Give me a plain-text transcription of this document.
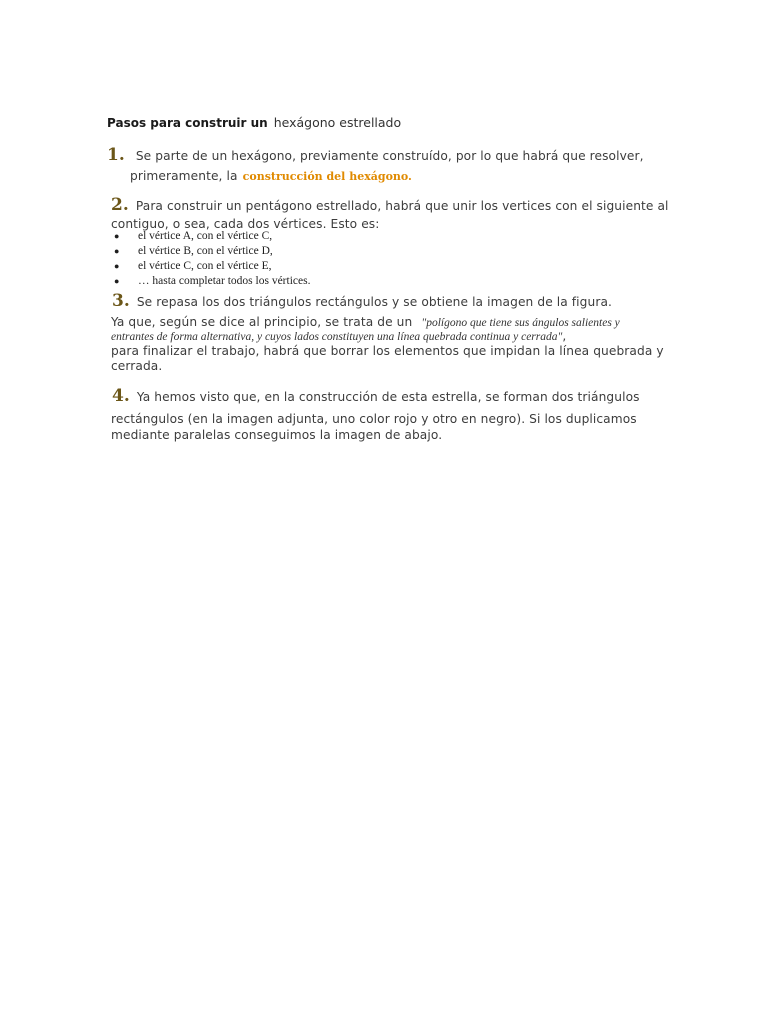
Pasos para construir un hexágono estrellado
1. Se parte de un hexágono, previamente construído, por lo que habrá que resolver,
primeramente, la construcción del hexágono.
2. Para construir un pentágono estrellado, habrá que unir los vertices con el siguiente al
contiguo, o sea, cada dos vértices. Esto es:
● el vértice A, con el vértice C,
● el vértice B, con el vértice D,
● el vértice C, con el vértice E,
● … hasta completar todos los vértices.
3. Se repasa los dos triángulos rectángulos y se obtiene la imagen de la figura.
Ya que, según se dice al principio, se trata de un "polígono que tiene sus ángulos salientes y
entrantes de forma alternativa, y cuyos lados constituyen una línea quebrada continua y cerrada",
para finalizar el trabajo, habrá que borrar los elementos que impidan la línea quebrada y
cerrada.
4. Ya hemos visto que, en la construcción de esta estrella, se forman dos triángulos
rectángulos (en la imagen adjunta, uno color rojo y otro en negro). Si los duplicamos
mediante paralelas conseguimos la imagen de abajo.
